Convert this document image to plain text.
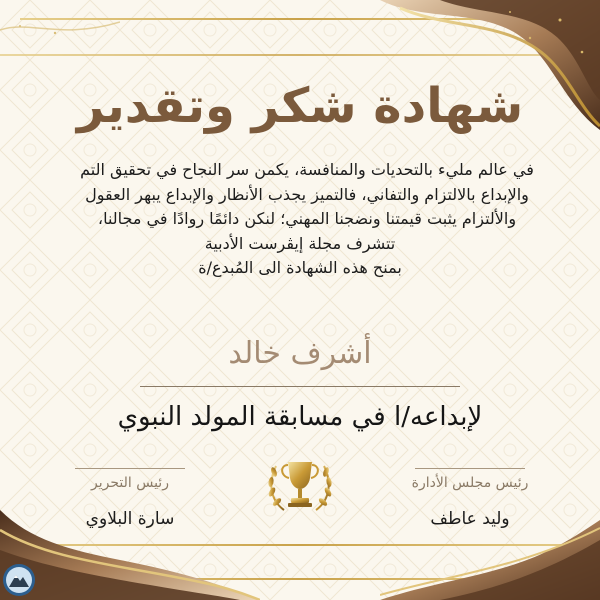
شهادة شكر وتقدير
في عالم مليء بالتحديات والمنافسة، يكمن سر النجاح في تحقيق التم
والإبداع بالالتزام والتفاني، فالتميز يجذب الأنظار والإبداع يبهر العقول
والألتزام يثبت قيمتنا ونضجنا المهني؛ لنكن دائمًا روادًا في مجالنا،
تتشرف مجلة إيڤرست الأدبية
بمنح هذه الشهادة الى المُبدع/ة
أشرف خالد
لإبداعه/ا في مسابقة المولد النبوي
رئيس التحرير
سارة البلاوي
رئيس مجلس الأدارة
وليد عاطف
